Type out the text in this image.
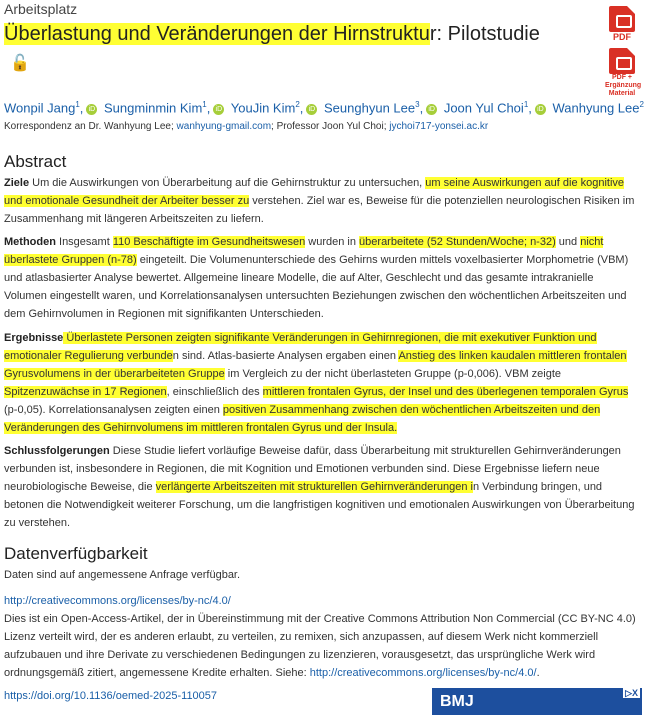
Arbeitsplatz
Überlastung und Veränderungen der Hirnstruktur: Pilotstudie🔓
PDF
PDF + Ergänzung Material
Wonpil Jang$^1$, iD Sungminmin Kim$^1$, iD YouJin Kim$^2$, iD Seunghyun Lee$^3$, iD Joon Yul Choi$^1$, iD Wanhyung Lee$^2$
Korrespondenz an Dr. Wanhyung Lee; wanhyung-gmail.com; Professor Joon Yul Choi; jychoi717-yonsei.ac.kr
Abstract
Ziele Um die Auswirkungen von Überarbeitung auf die Gehirnstruktur zu untersuchen, um seine Auswirkungen auf die kognitive und emotionale Gesundheit der Arbeiter besser zu verstehen. Ziel war es, Beweise für die potenziellen neurologischen Risiken im Zusammenhang mit längeren Arbeitszeiten zu liefern.
Methoden Insgesamt 110 Beschäftigte im Gesundheitswesen wurden in überarbeitete (52 Stunden/Woche; n-32) und nicht überlastete Gruppen (n-78) eingeteilt. Die Volumenunterschiede des Gehirns wurden mittels voxelbasierter Morphometrie (VBM) und atlasbasierter Analyse bewertet. Allgemeine lineare Modelle, die auf Alter, Geschlecht und das gesamte intrakranielle Volumen eingestellt waren, und Korrelationsanalysen untersuchten Beziehungen zwischen den wöchentlichen Arbeitszeiten und dem Gehirnvolumen in Regionen mit signifikanten Unterschieden.
Ergebnisse Überlastete Personen zeigten signifikante Veränderungen in Gehirnregionen, die mit exekutiver Funktion und emotionaler Regulierung verbunden sind. Atlas-basierte Analysen ergaben einen Anstieg des linken kaudalen mittleren frontalen Gyrusvolumens in der überarbeiteten Gruppe im Vergleich zu der nicht überlasteten Gruppe (p-0,006). VBM zeigte Spitzenzuwächse in 17 Regionen, einschließlich des mittleren frontalen Gyrus, der Insel und des überlegenen temporalen Gyrus (p-0,05). Korrelationsanalysen zeigten einen positiven Zusammenhang zwischen den wöchentlichen Arbeitszeiten und den Veränderungen des Gehirnvolumens im mittleren frontalen Gyrus und der Insula.
Schlussfolgerungen Diese Studie liefert vorläufige Beweise dafür, dass Überarbeitung mit strukturellen Gehirnveränderungen verbunden ist, insbesondere in Regionen, die mit Kognition und Emotionen verbunden sind. Diese Ergebnisse liefern neue neurobiologische Beweise, die verlängerte Arbeitszeiten mit strukturellen Gehirnveränderungen in Verbindung bringen, und betonen die Notwendigkeit weiterer Forschung, um die langfristigen kognitiven und emotionalen Auswirkungen von Überarbeitung zu verstehen.
Datenverfügbarkeit
Daten sind auf angemessene Anfrage verfügbar.
http://creativecommons.org/licenses/by-nc/4.0/
Dies ist ein Open-Access-Artikel, der in Übereinstimmung mit der Creative Commons Attribution Non Commercial (CC BY-NC 4.0) Lizenz verteilt wird, der es anderen erlaubt, zu verteilen, zu remixen, sich anzupassen, auf diesem Werk nicht kommerziell aufzubauen und ihre Derivate zu verschiedenen Bedingungen zu lizenzieren, vorausgesetzt, das ursprüngliche Werk wird ordnungsgemäß zitiert, angemessene Kredite erhalten. Siehe: http://creativecommons.org/licenses/by-nc/4.0/.
https://doi.org/10.1136/oemed-2025-110057	BMJ	▷X
